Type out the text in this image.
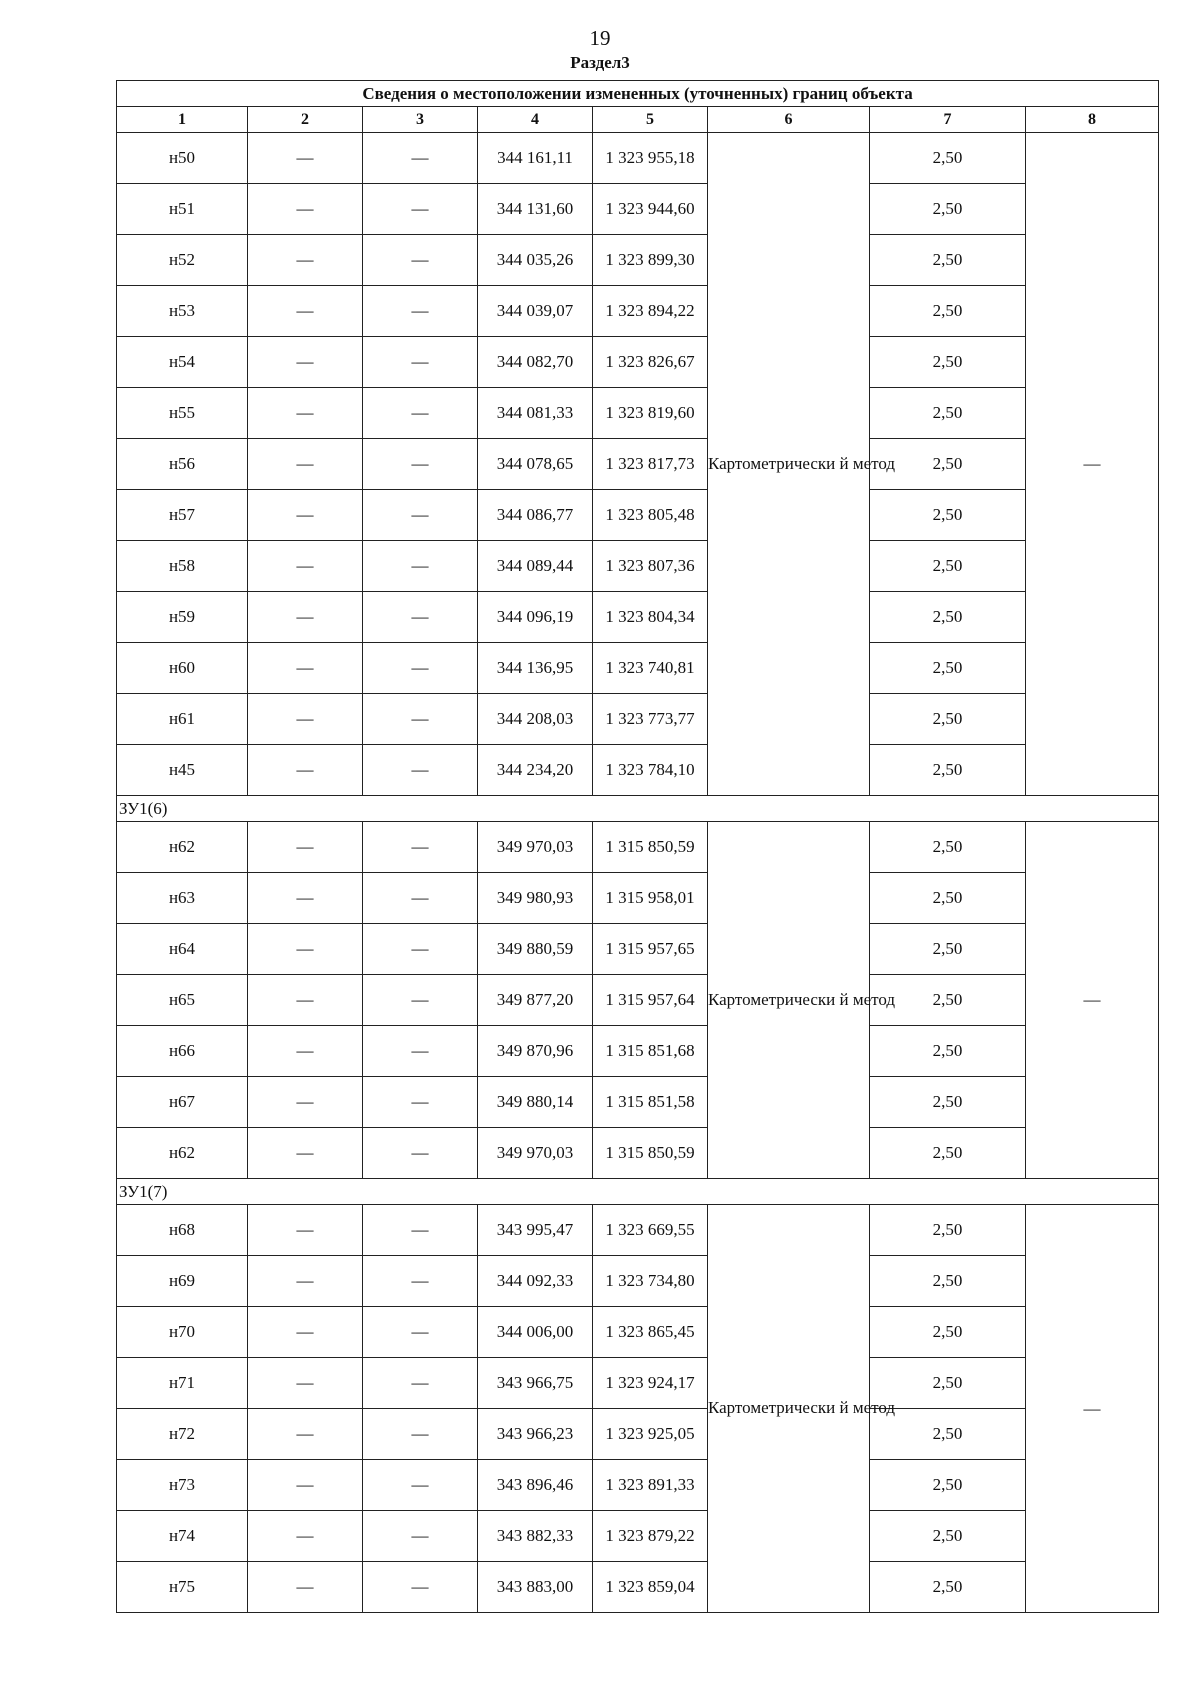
19
Раздел3
Сведения о местоположении измененных (уточненных) границ объекта							
1	2	3	4	5	6	7	8
н50	—	—	344 161,11	1 323 955,18	Картометрически й метод	2,50	—
н51	—	—	344 131,60	1 323 944,60		2,50	
н52	—	—	344 035,26	1 323 899,30		2,50	
н53	—	—	344 039,07	1 323 894,22		2,50	
н54	—	—	344 082,70	1 323 826,67		2,50	
н55	—	—	344 081,33	1 323 819,60		2,50	
н56	—	—	344 078,65	1 323 817,73		2,50	
н57	—	—	344 086,77	1 323 805,48		2,50	
н58	—	—	344 089,44	1 323 807,36		2,50	
н59	—	—	344 096,19	1 323 804,34		2,50	
н60	—	—	344 136,95	1 323 740,81		2,50	
н61	—	—	344 208,03	1 323 773,77		2,50	
н45	—	—	344 234,20	1 323 784,10		2,50	
ЗУ1(6)							
н62	—	—	349 970,03	1 315 850,59	Картометрически й метод	2,50	—
н63	—	—	349 980,93	1 315 958,01		2,50	
н64	—	—	349 880,59	1 315 957,65		2,50	
н65	—	—	349 877,20	1 315 957,64		2,50	
н66	—	—	349 870,96	1 315 851,68		2,50	
н67	—	—	349 880,14	1 315 851,58		2,50	
н62	—	—	349 970,03	1 315 850,59		2,50	
ЗУ1(7)							
н68	—	—	343 995,47	1 323 669,55	Картометрически й метод	2,50	—
н69	—	—	344 092,33	1 323 734,80		2,50	
н70	—	—	344 006,00	1 323 865,45		2,50	
н71	—	—	343 966,75	1 323 924,17		2,50	
н72	—	—	343 966,23	1 323 925,05		2,50	
н73	—	—	343 896,46	1 323 891,33		2,50	
н74	—	—	343 882,33	1 323 879,22		2,50	
н75	—	—	343 883,00	1 323 859,04		2,50	
